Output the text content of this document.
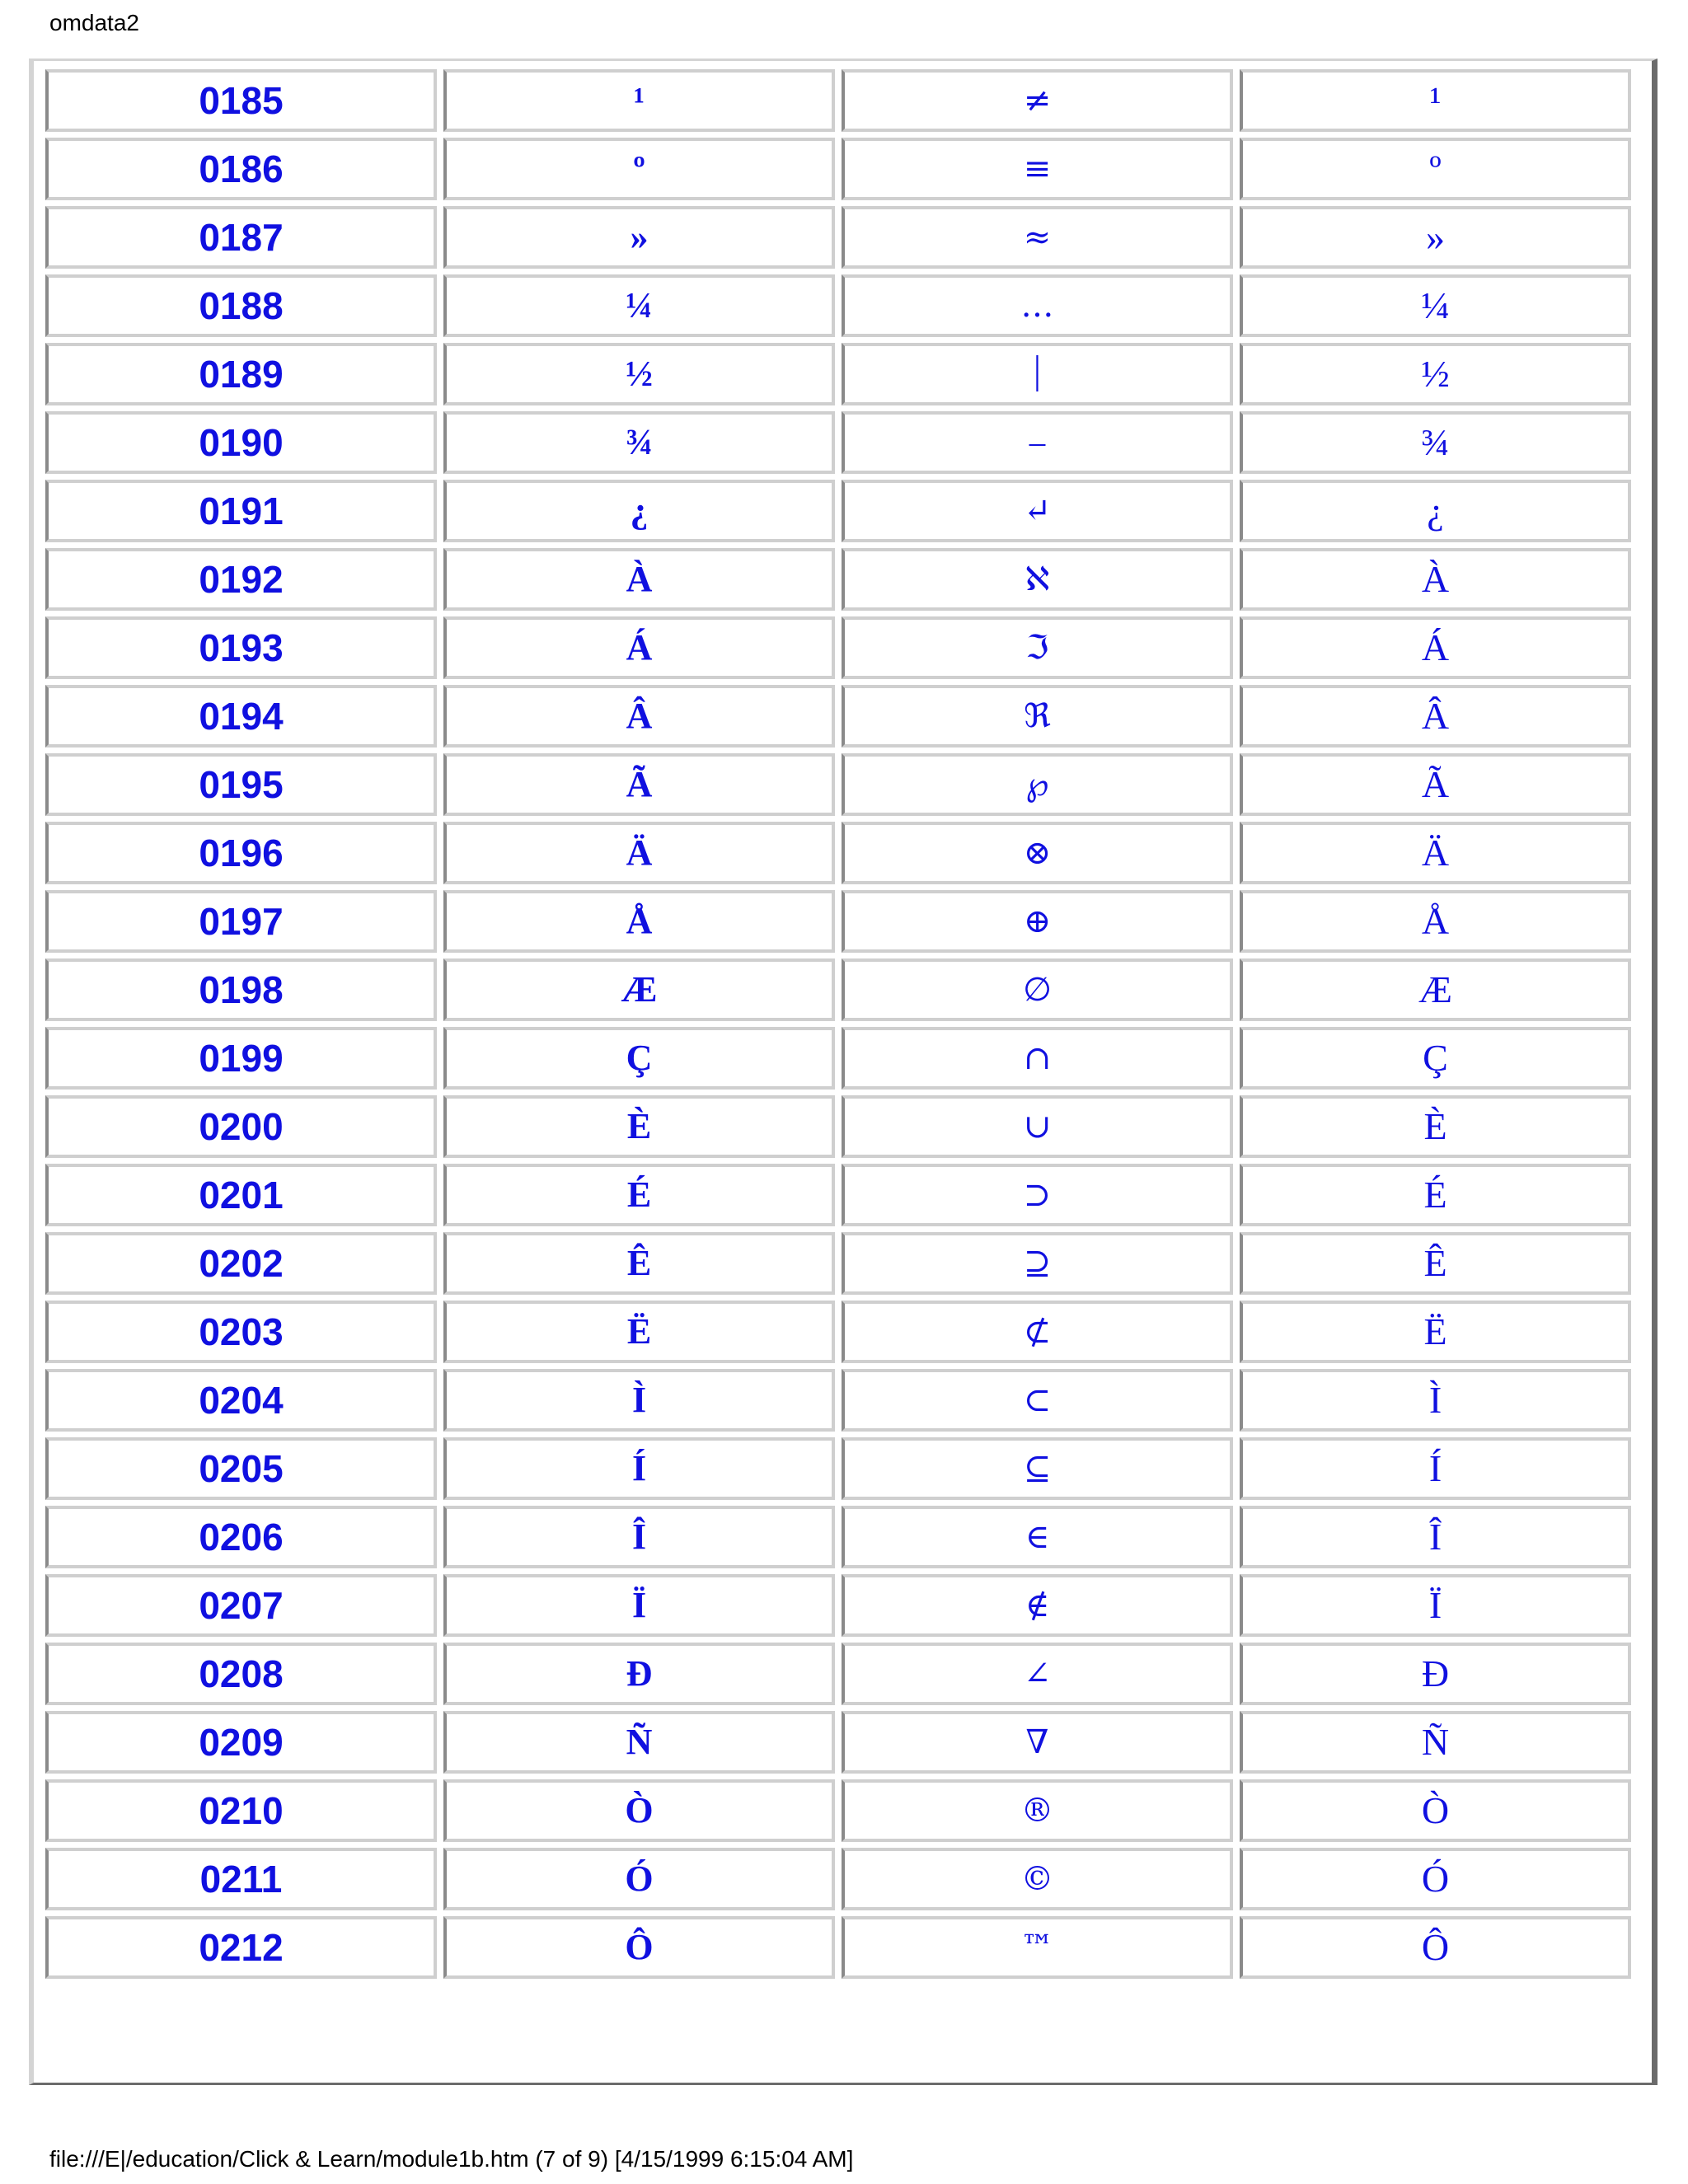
omdata2
0185	¹	≠	¹
0186	º	≡	º
0187	»	≈	»
0188	¼	…	¼
0189	½	⏐	½
0190	¾	⎯	¾
0191	¿	↵	¿
0192	À	ℵ	À
0193	Á	ℑ	Á
0194	Â	ℜ	Â
0195	Ã	℘	Ã
0196	Ä	⊗	Ä
0197	Å	⊕	Å
0198	Æ	∅	Æ
0199	Ç	∩	Ç
0200	È	∪	È
0201	É	⊃	É
0202	Ê	⊇	Ê
0203	Ë	⊄	Ë
0204	Ì	⊂	Ì
0205	Í	⊆	Í
0206	Î	∈	Î
0207	Ï	∉	Ï
0208	Ð	∠	Ð
0209	Ñ	∇	Ñ
0210	Ò	®	Ò
0211	Ó	©	Ó
0212	Ô	™	Ô
file:///E|/education/Click & Learn/module1b.htm (7 of 9) [4/15/1999 6:15:04 AM]
